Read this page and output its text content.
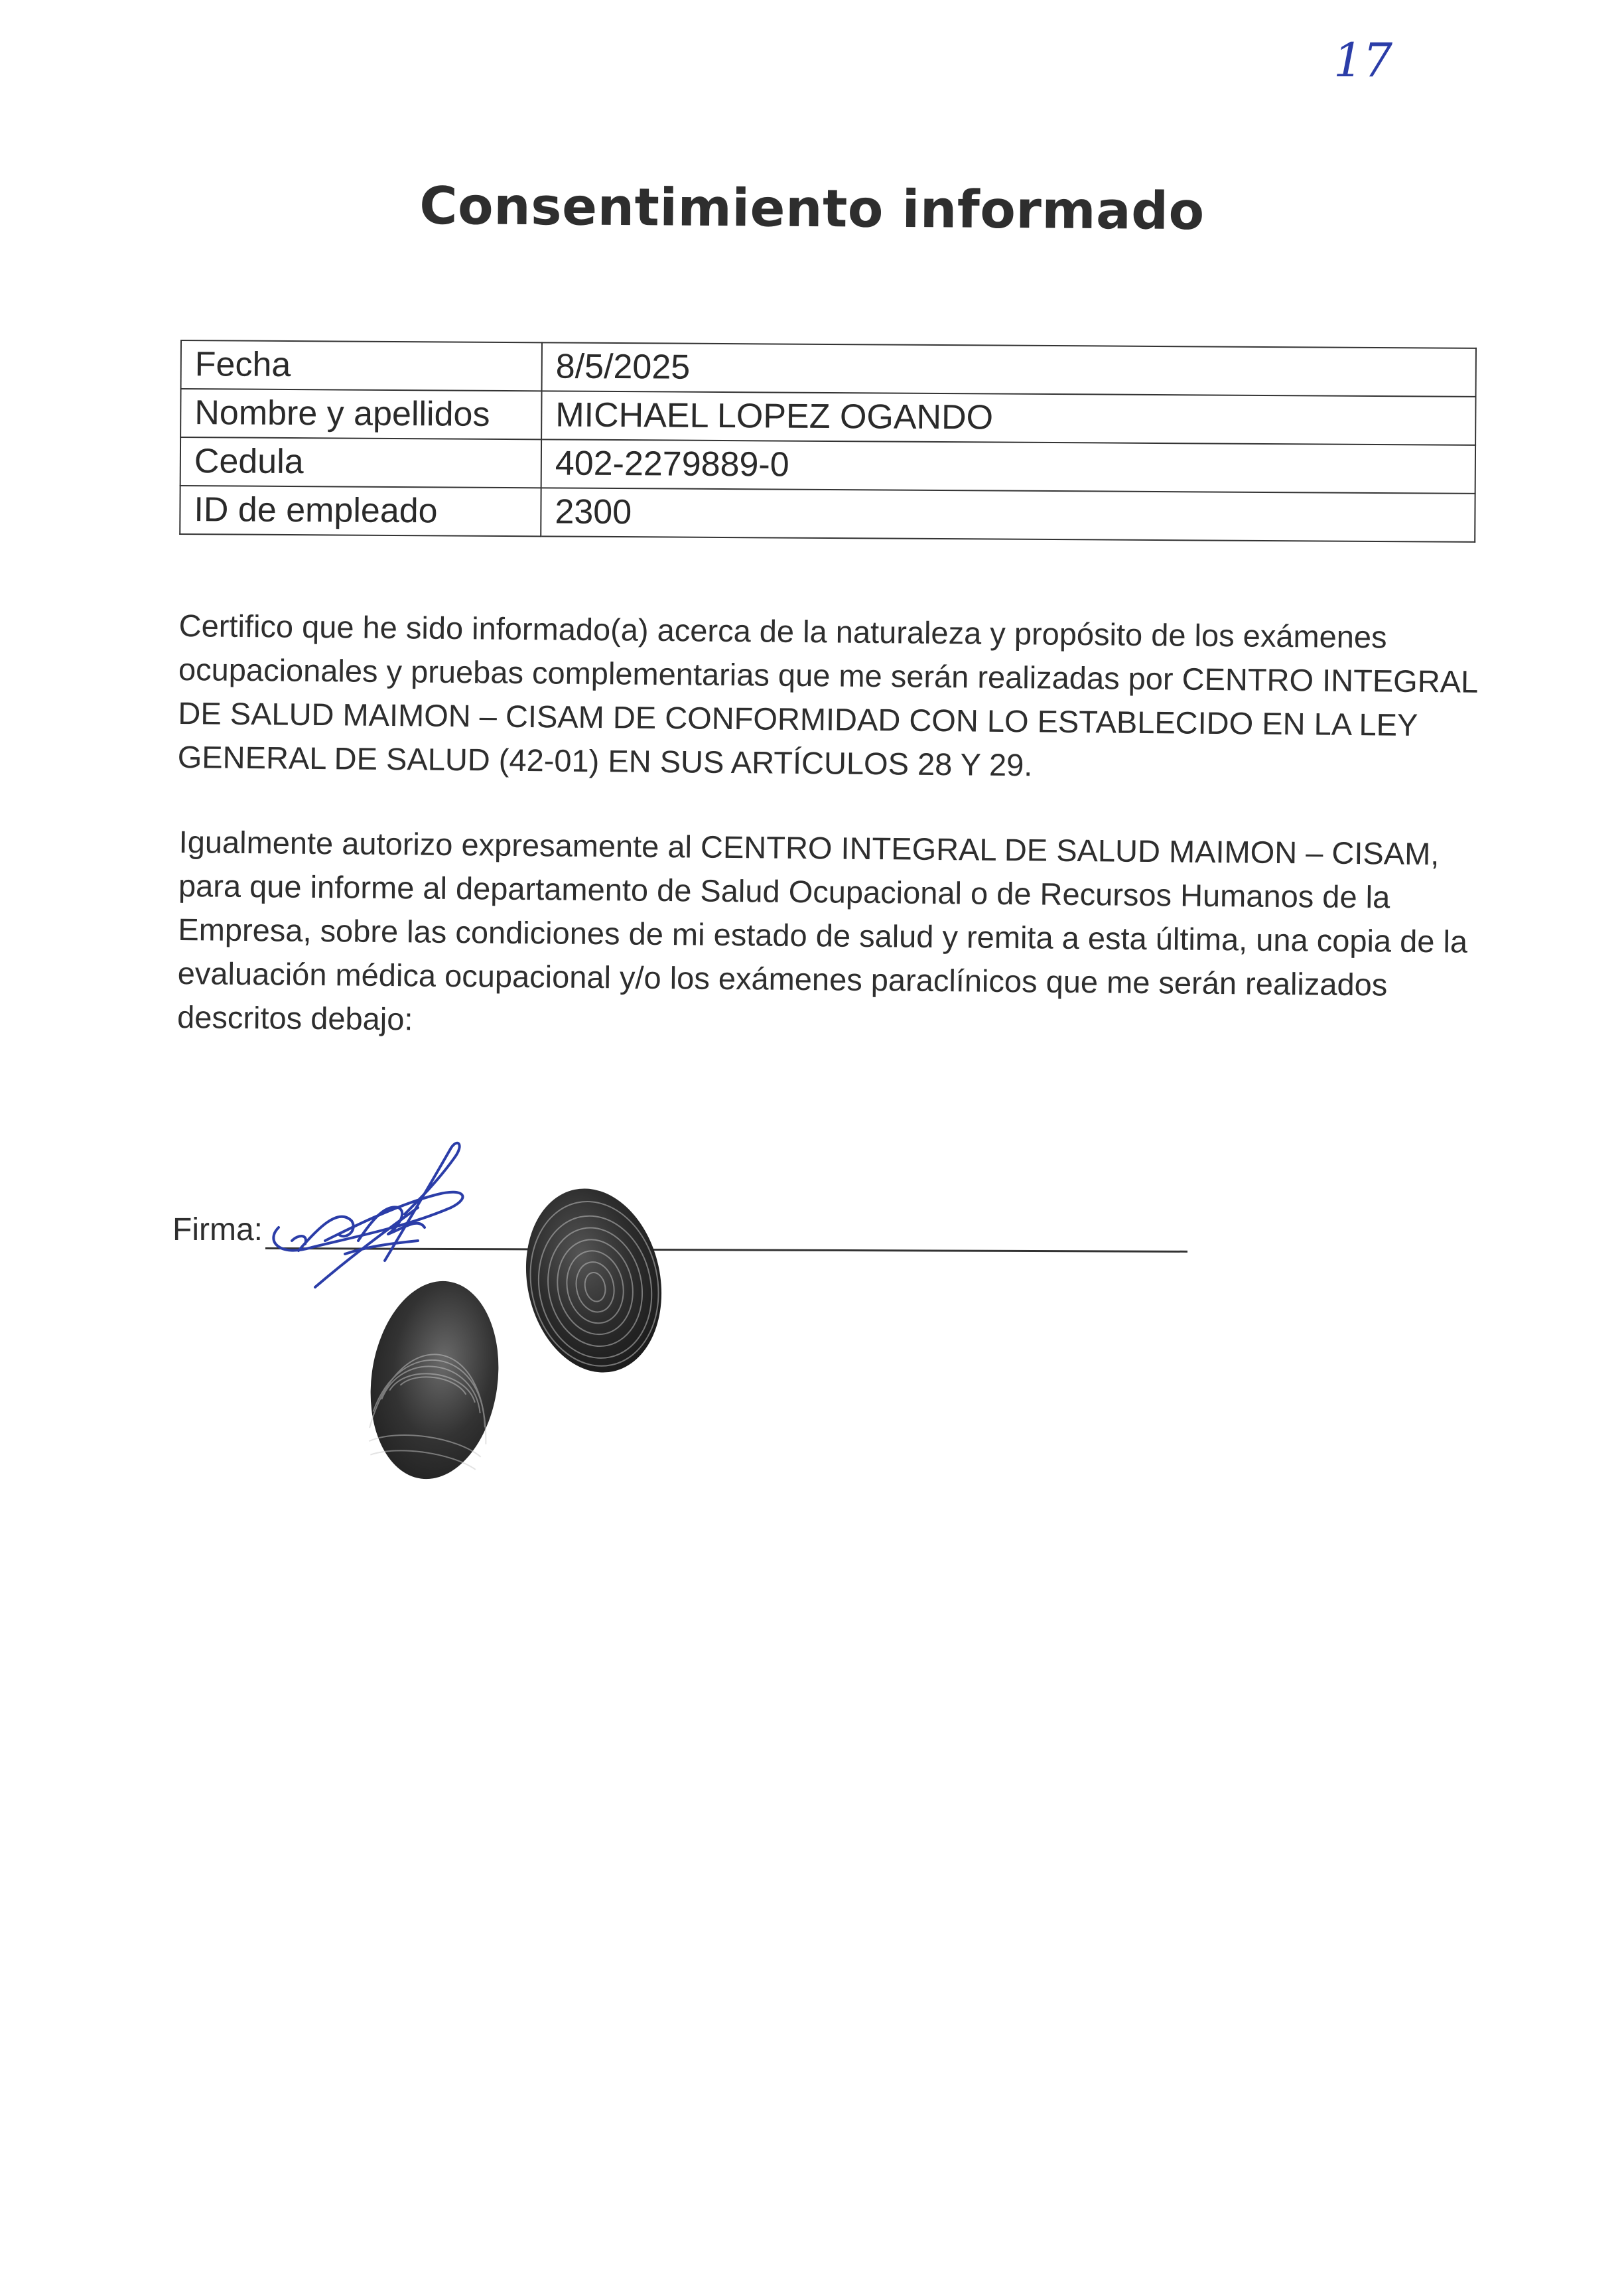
17
Consentimiento informado
Fecha	8/5/2025
Nombre y apellidos	MICHAEL LOPEZ OGANDO
Cedula	402-2279889-0
ID de empleado	2300

Certifico que he sido informado(a) acerca de la naturaleza y propósito de los exámenes ocupacionales y pruebas complementarias que me serán realizadas por CENTRO INTEGRAL DE SALUD MAIMON – CISAM DE CONFORMIDAD CON LO ESTABLECIDO EN LA LEY GENERAL DE SALUD (42-01) EN SUS ARTÍCULOS 28 Y 29.

Igualmente autorizo expresamente al CENTRO INTEGRAL DE SALUD MAIMON – CISAM, para que informe al departamento de Salud Ocupacional o de Recursos Humanos de la Empresa, sobre las condiciones de mi estado de salud y remita a esta última, una copia de la evaluación médica ocupacional y/o los exámenes paraclínicos que me serán realizados descritos debajo:

Firma:
